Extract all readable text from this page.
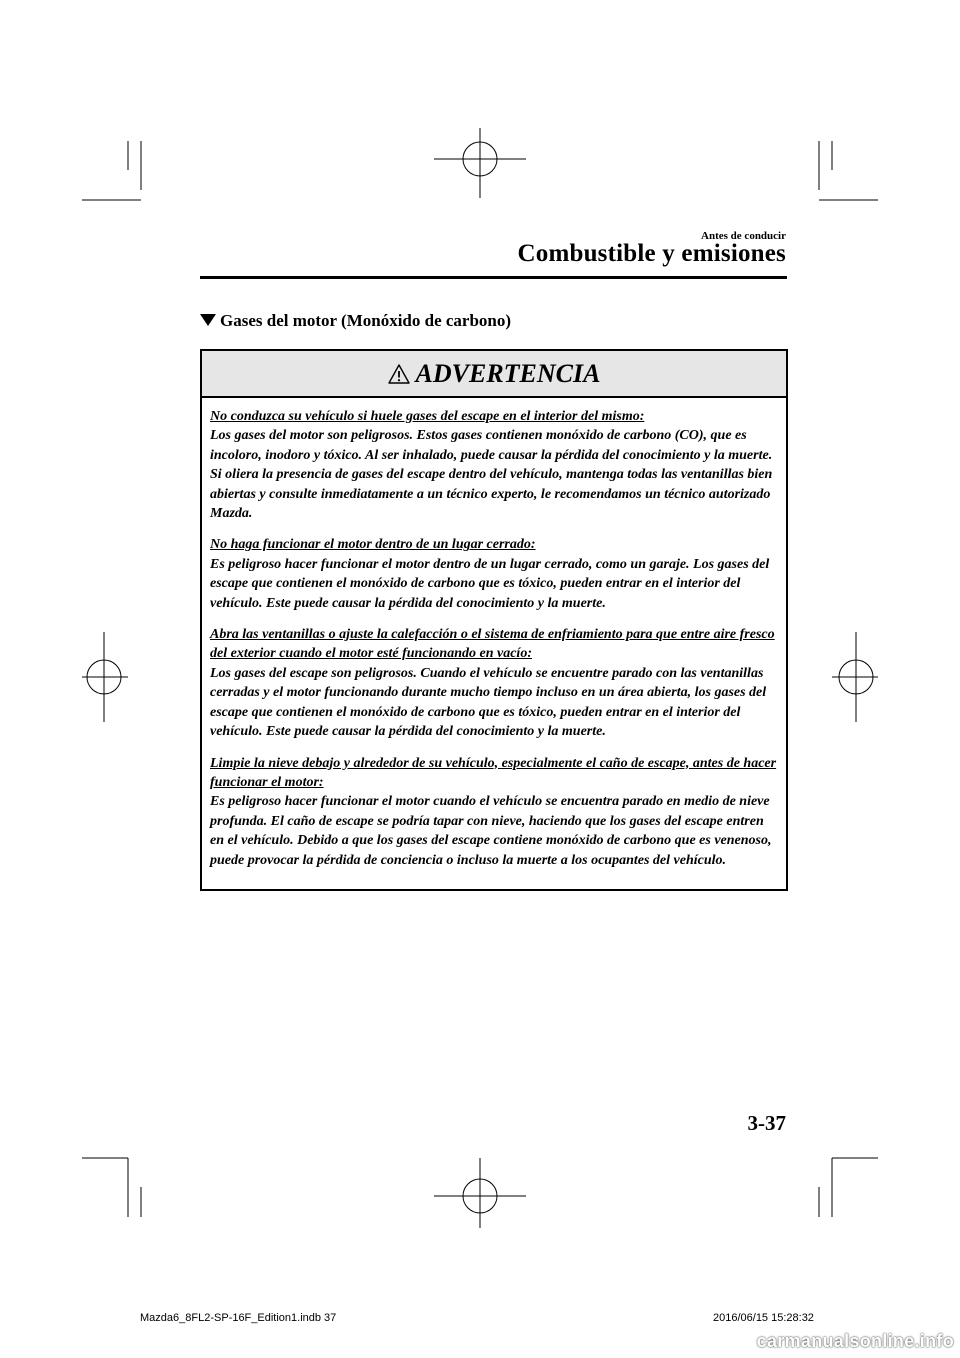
Antes de conducir
Combustible y emisiones
Gases del motor (Monóxido de carbono)
ADVERTENCIA

No conduzca su vehículo si huele gases del escape en el interior del mismo:
Los gases del motor son peligrosos. Estos gases contienen monóxido de carbono (CO), que es incoloro, inodoro y tóxico. Al ser inhalado, puede causar la pérdida del conocimiento y la muerte. Si oliera la presencia de gases del escape dentro del vehículo, mantenga todas las ventanillas bien abiertas y consulte inmediatamente a un técnico experto, le recomendamos un técnico autorizado Mazda.

No haga funcionar el motor dentro de un lugar cerrado:
Es peligroso hacer funcionar el motor dentro de un lugar cerrado, como un garaje. Los gases del escape que contienen el monóxido de carbono que es tóxico, pueden entrar en el interior del vehículo. Este puede causar la pérdida del conocimiento y la muerte.

Abra las ventanillas o ajuste la calefacción o el sistema de enfriamiento para que entre aire fresco del exterior cuando el motor esté funcionando en vacío:
Los gases del escape son peligrosos. Cuando el vehículo se encuentre parado con las ventanillas cerradas y el motor funcionando durante mucho tiempo incluso en un área abierta, los gases del escape que contienen el monóxido de carbono que es tóxico, pueden entrar en el interior del vehículo. Este puede causar la pérdida del conocimiento y la muerte.

Limpie la nieve debajo y alrededor de su vehículo, especialmente el caño de escape, antes de hacer funcionar el motor:
Es peligroso hacer funcionar el motor cuando el vehículo se encuentra parado en medio de nieve profunda. El caño de escape se podría tapar con nieve, haciendo que los gases del escape entren en el vehículo. Debido a que los gases del escape contiene monóxido de carbono que es venenoso, puede provocar la pérdida de conciencia o incluso la muerte a los ocupantes del vehículo.

3-37
Mazda6_8FL2-SP-16F_Edition1.indb 37	2016/06/15 15:28:32
carmanualsonline.info
